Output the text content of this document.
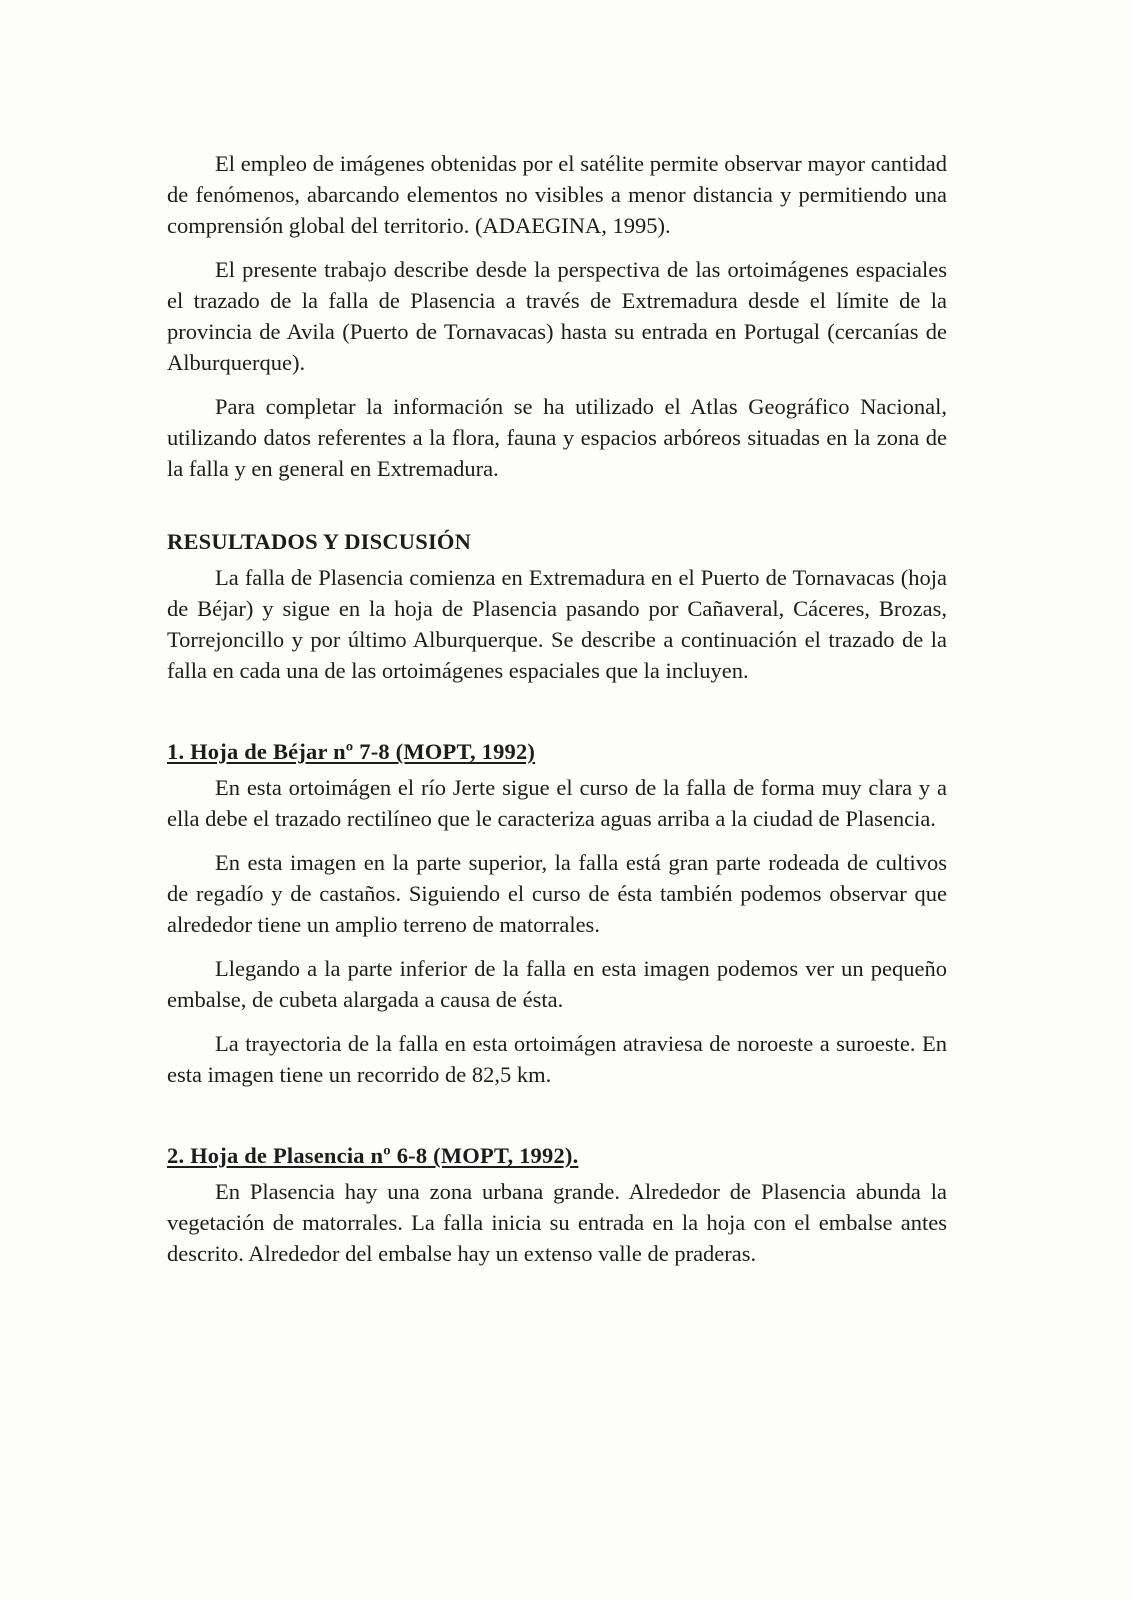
El empleo de imágenes obtenidas por el satélite permite observar mayor cantidad de fenómenos, abarcando elementos no visibles a menor distancia y permitiendo una comprensión global del territorio. (ADAEGINA, 1995).

El presente trabajo describe desde la perspectiva de las ortoimágenes espaciales el trazado de la falla de Plasencia a través de Extremadura desde el límite de la provincia de Avila (Puerto de Tornavacas) hasta su entrada en Portugal (cercanías de Alburquerque).

Para completar la información se ha utilizado el Atlas Geográfico Nacional, utilizando datos referentes a la flora, fauna y espacios arbóreos situadas en la zona de la falla y en general en Extremadura.

RESULTADOS Y DISCUSIÓN

La falla de Plasencia comienza en Extremadura en el Puerto de Tornavacas (hoja de Béjar) y sigue en la hoja de Plasencia pasando por Cañaveral, Cáceres, Brozas, Torrejoncillo y por último Alburquerque. Se describe a continuación el trazado de la falla en cada una de las ortoimágenes espaciales que la incluyen.

1. Hoja de Béjar nº 7-8 (MOPT, 1992)

En esta ortoimágen el río Jerte sigue el curso de la falla de forma muy clara y a ella debe el trazado rectilíneo que le caracteriza aguas arriba a la ciudad de Plasencia.

En esta imagen en la parte superior, la falla está gran parte rodeada de cultivos de regadío y de castaños. Siguiendo el curso de ésta también podemos observar que alrededor tiene un amplio terreno de matorrales.

Llegando a la parte inferior de la falla en esta imagen podemos ver un pequeño embalse, de cubeta alargada a causa de ésta.

La trayectoria de la falla en esta ortoimágen atraviesa de noroeste a suroeste. En esta imagen tiene un recorrido de 82,5 km.

2. Hoja de Plasencia nº 6-8 (MOPT, 1992).

En Plasencia hay una zona urbana grande. Alrededor de Plasencia abunda la vegetación de matorrales. La falla inicia su entrada en la hoja con el embalse antes descrito. Alrededor del embalse hay un extenso valle de praderas.
